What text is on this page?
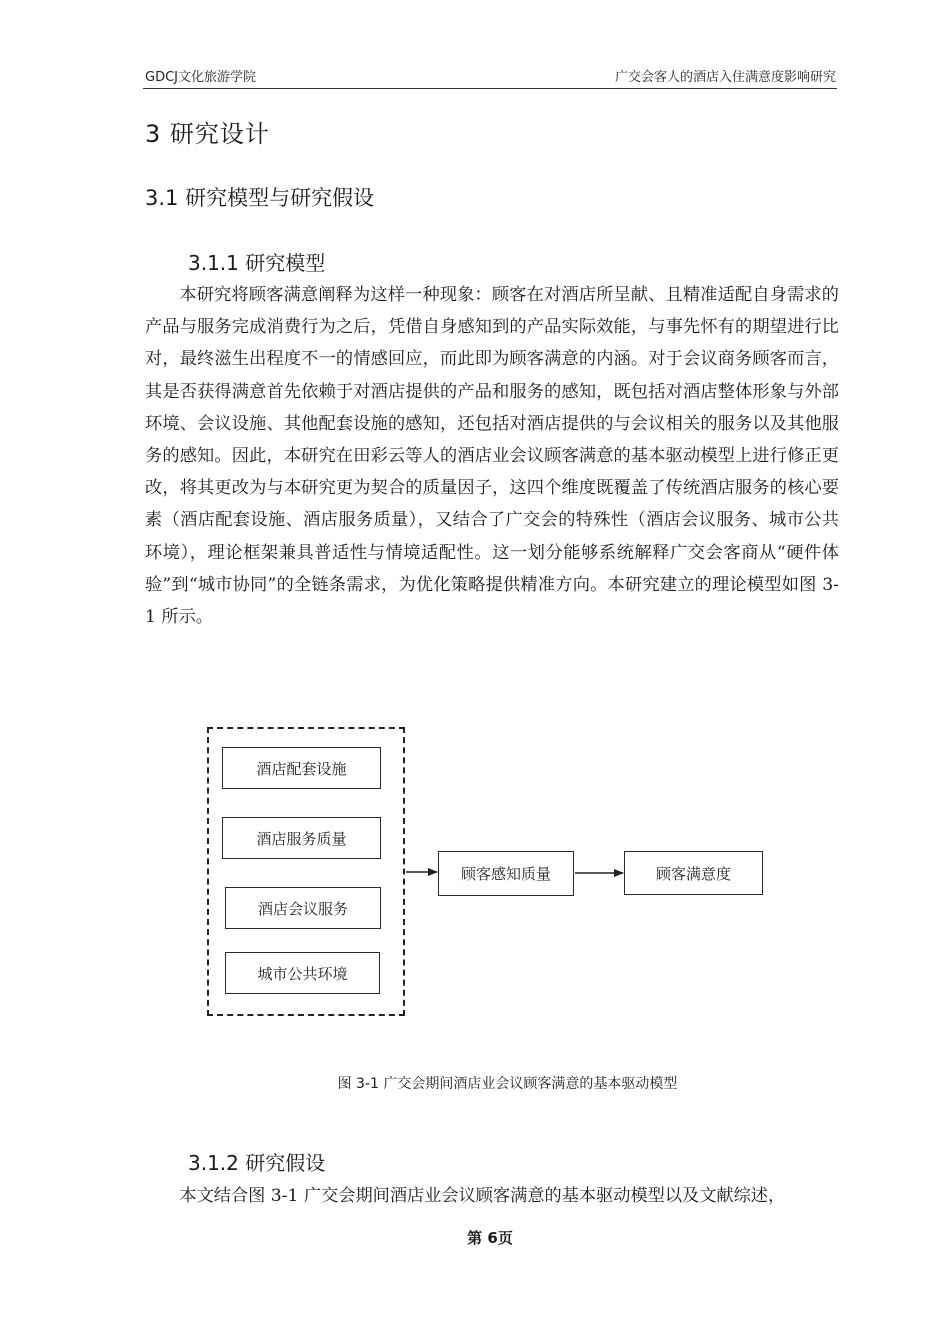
GDCJ文化旅游学院	广交会客人的酒店入住满意度影响研究
3 研究设计
3.1 研究模型与研究假设
3.1.1 研究模型
本研究将顾客满意阐释为这样一种现象：顾客在对酒店所呈献、且精准适配自身需求的产品与服务完成消费行为之后，凭借自身感知到的产品实际效能，与事先怀有的期望进行比对，最终滋生出程度不一的情感回应，而此即为顾客满意的内涵。对于会议商务顾客而言，其是否获得满意首先依赖于对酒店提供的产品和服务的感知，既包括对酒店整体形象与外部环境、会议设施、其他配套设施的感知，还包括对酒店提供的与会议相关的服务以及其他服务的感知。因此，本研究在田彩云等人的酒店业会议顾客满意的基本驱动模型上进行修正更改，将其更改为与本研究更为契合的质量因子，这四个维度既覆盖了传统酒店服务的核心要素（酒店配套设施、酒店服务质量），又结合了广交会的特殊性（酒店会议服务、城市公共环境），理论框架兼具普适性与情境适配性。这一划分能够系统解释广交会客商从“硬件体验”到“城市协同”的全链条需求，为优化策略提供精准方向。本研究建立的理论模型如图 3-1 所示。
酒店配套设施
酒店服务质量
酒店会议服务
城市公共环境
顾客感知质量	顾客满意度
图 3-1 广交会期间酒店业会议顾客满意的基本驱动模型
3.1.2 研究假设
本文结合图 3-1 广交会期间酒店业会议顾客满意的基本驱动模型以及文献综述，
第 6页
